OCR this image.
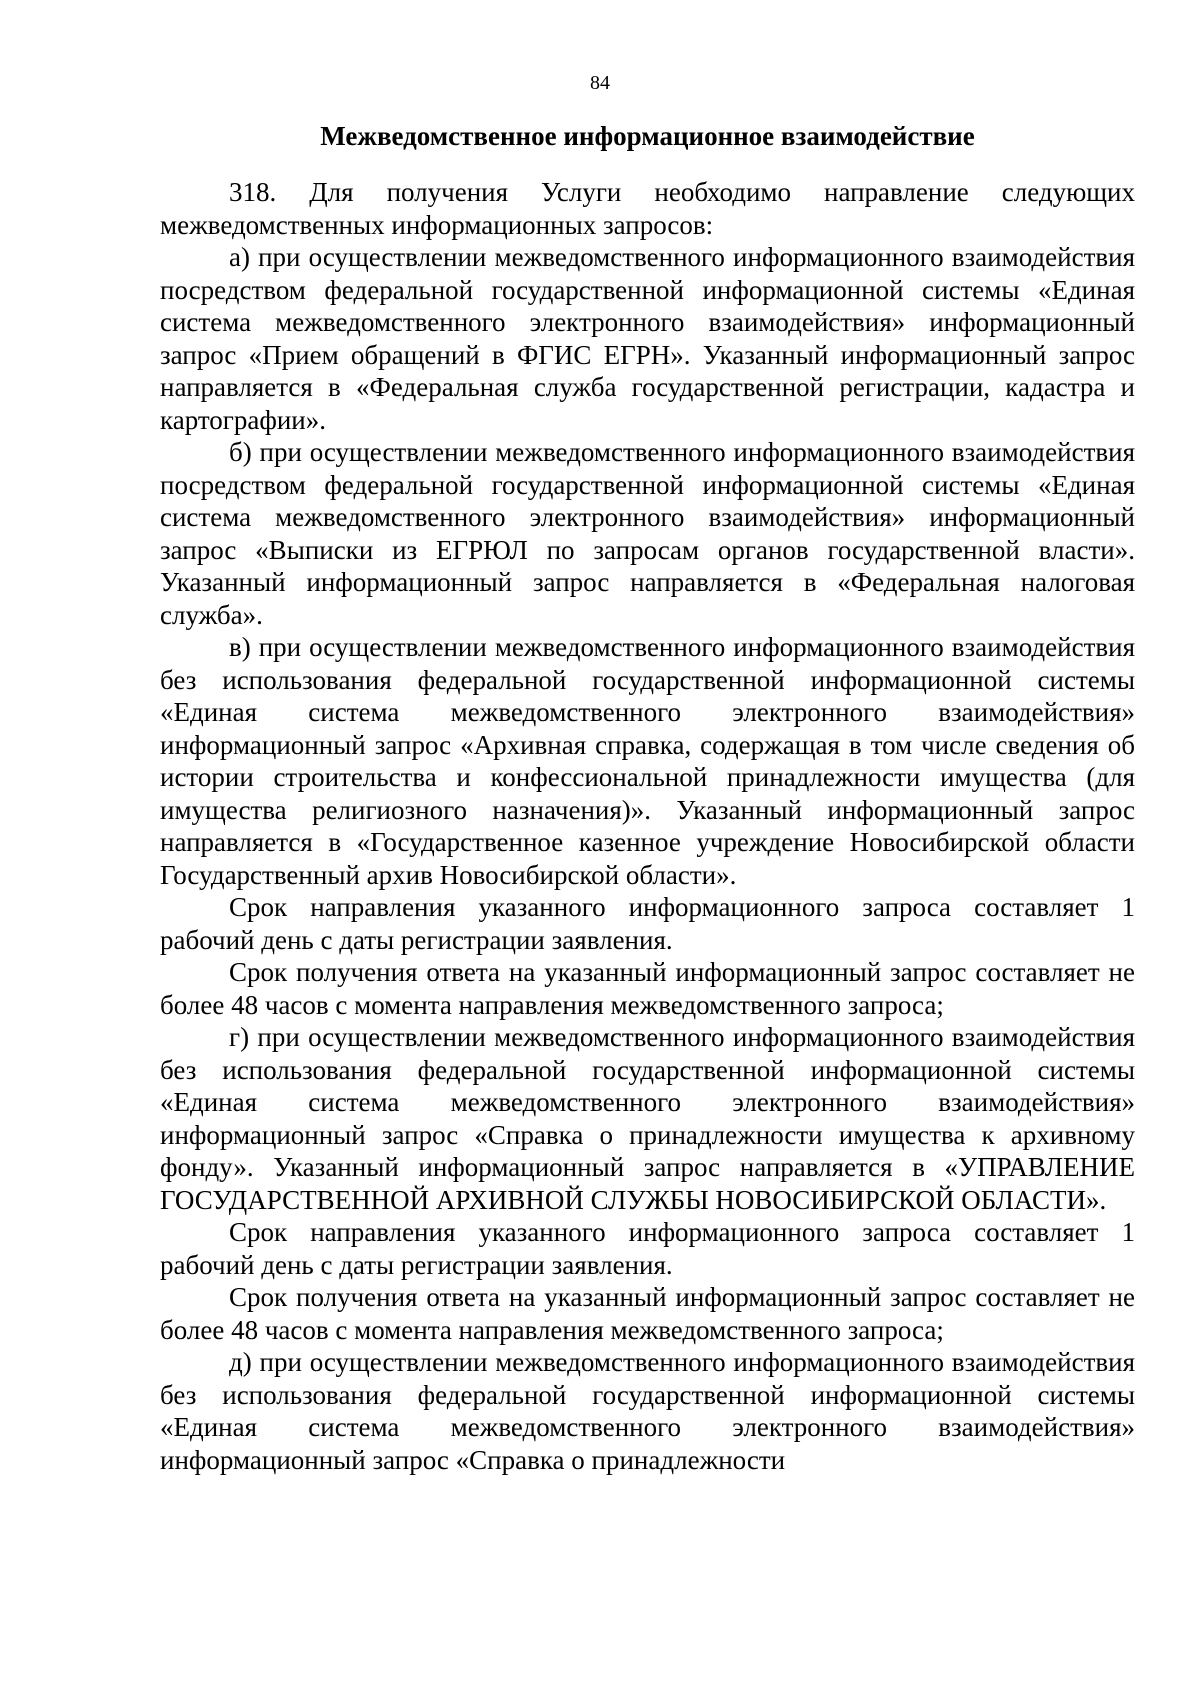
84
Межведомственное информационное взаимодействие

318. Для получения Услуги необходимо направление следующих межведомственных информационных запросов:

а) при осуществлении межведомственного информационного взаимодействия посредством федеральной государственной информационной системы «Единая система межведомственного электронного взаимодействия» информационный запрос «Прием обращений в ФГИС ЕГРН». Указанный информационный запрос направляется в «Федеральная служба государственной регистрации, кадастра и картографии».

б) при осуществлении межведомственного информационного взаимодействия посредством федеральной государственной информационной системы «Единая система межведомственного электронного взаимодействия» информационный запрос «Выписки из ЕГРЮЛ по запросам органов государственной власти». Указанный информационный запрос направляется в «Федеральная налоговая служба».

в) при осуществлении межведомственного информационного взаимодействия без использования федеральной государственной информационной системы «Единая система межведомственного электронного взаимодействия» информационный запрос «Архивная справка, содержащая в том числе сведения об истории строительства и конфессиональной принадлежности имущества (для имущества религиозного назначения)». Указанный информационный запрос направляется в «Государственное казенное учреждение Новосибирской области Государственный архив Новосибирской области».

Срок направления указанного информационного запроса составляет 1 рабочий день с даты регистрации заявления.

Срок получения ответа на указанный информационный запрос составляет не более 48 часов с момента направления межведомственного запроса;

г) при осуществлении межведомственного информационного взаимодействия без использования федеральной государственной информационной системы «Единая система межведомственного электронного взаимодействия» информационный запрос «Справка о принадлежности имущества к архивному фонду». Указанный информационный запрос направляется в «УПРАВЛЕНИЕ ГОСУДАРСТВЕННОЙ АРХИВНОЙ СЛУЖБЫ НОВОСИБИРСКОЙ ОБЛАСТИ».

Срок направления указанного информационного запроса составляет 1 рабочий день с даты регистрации заявления.

Срок получения ответа на указанный информационный запрос составляет не более 48 часов с момента направления межведомственного запроса;

д) при осуществлении межведомственного информационного взаимодействия без использования федеральной государственной информационной системы «Единая система межведомственного электронного взаимодействия» информационный запрос «Справка о принадлежности
